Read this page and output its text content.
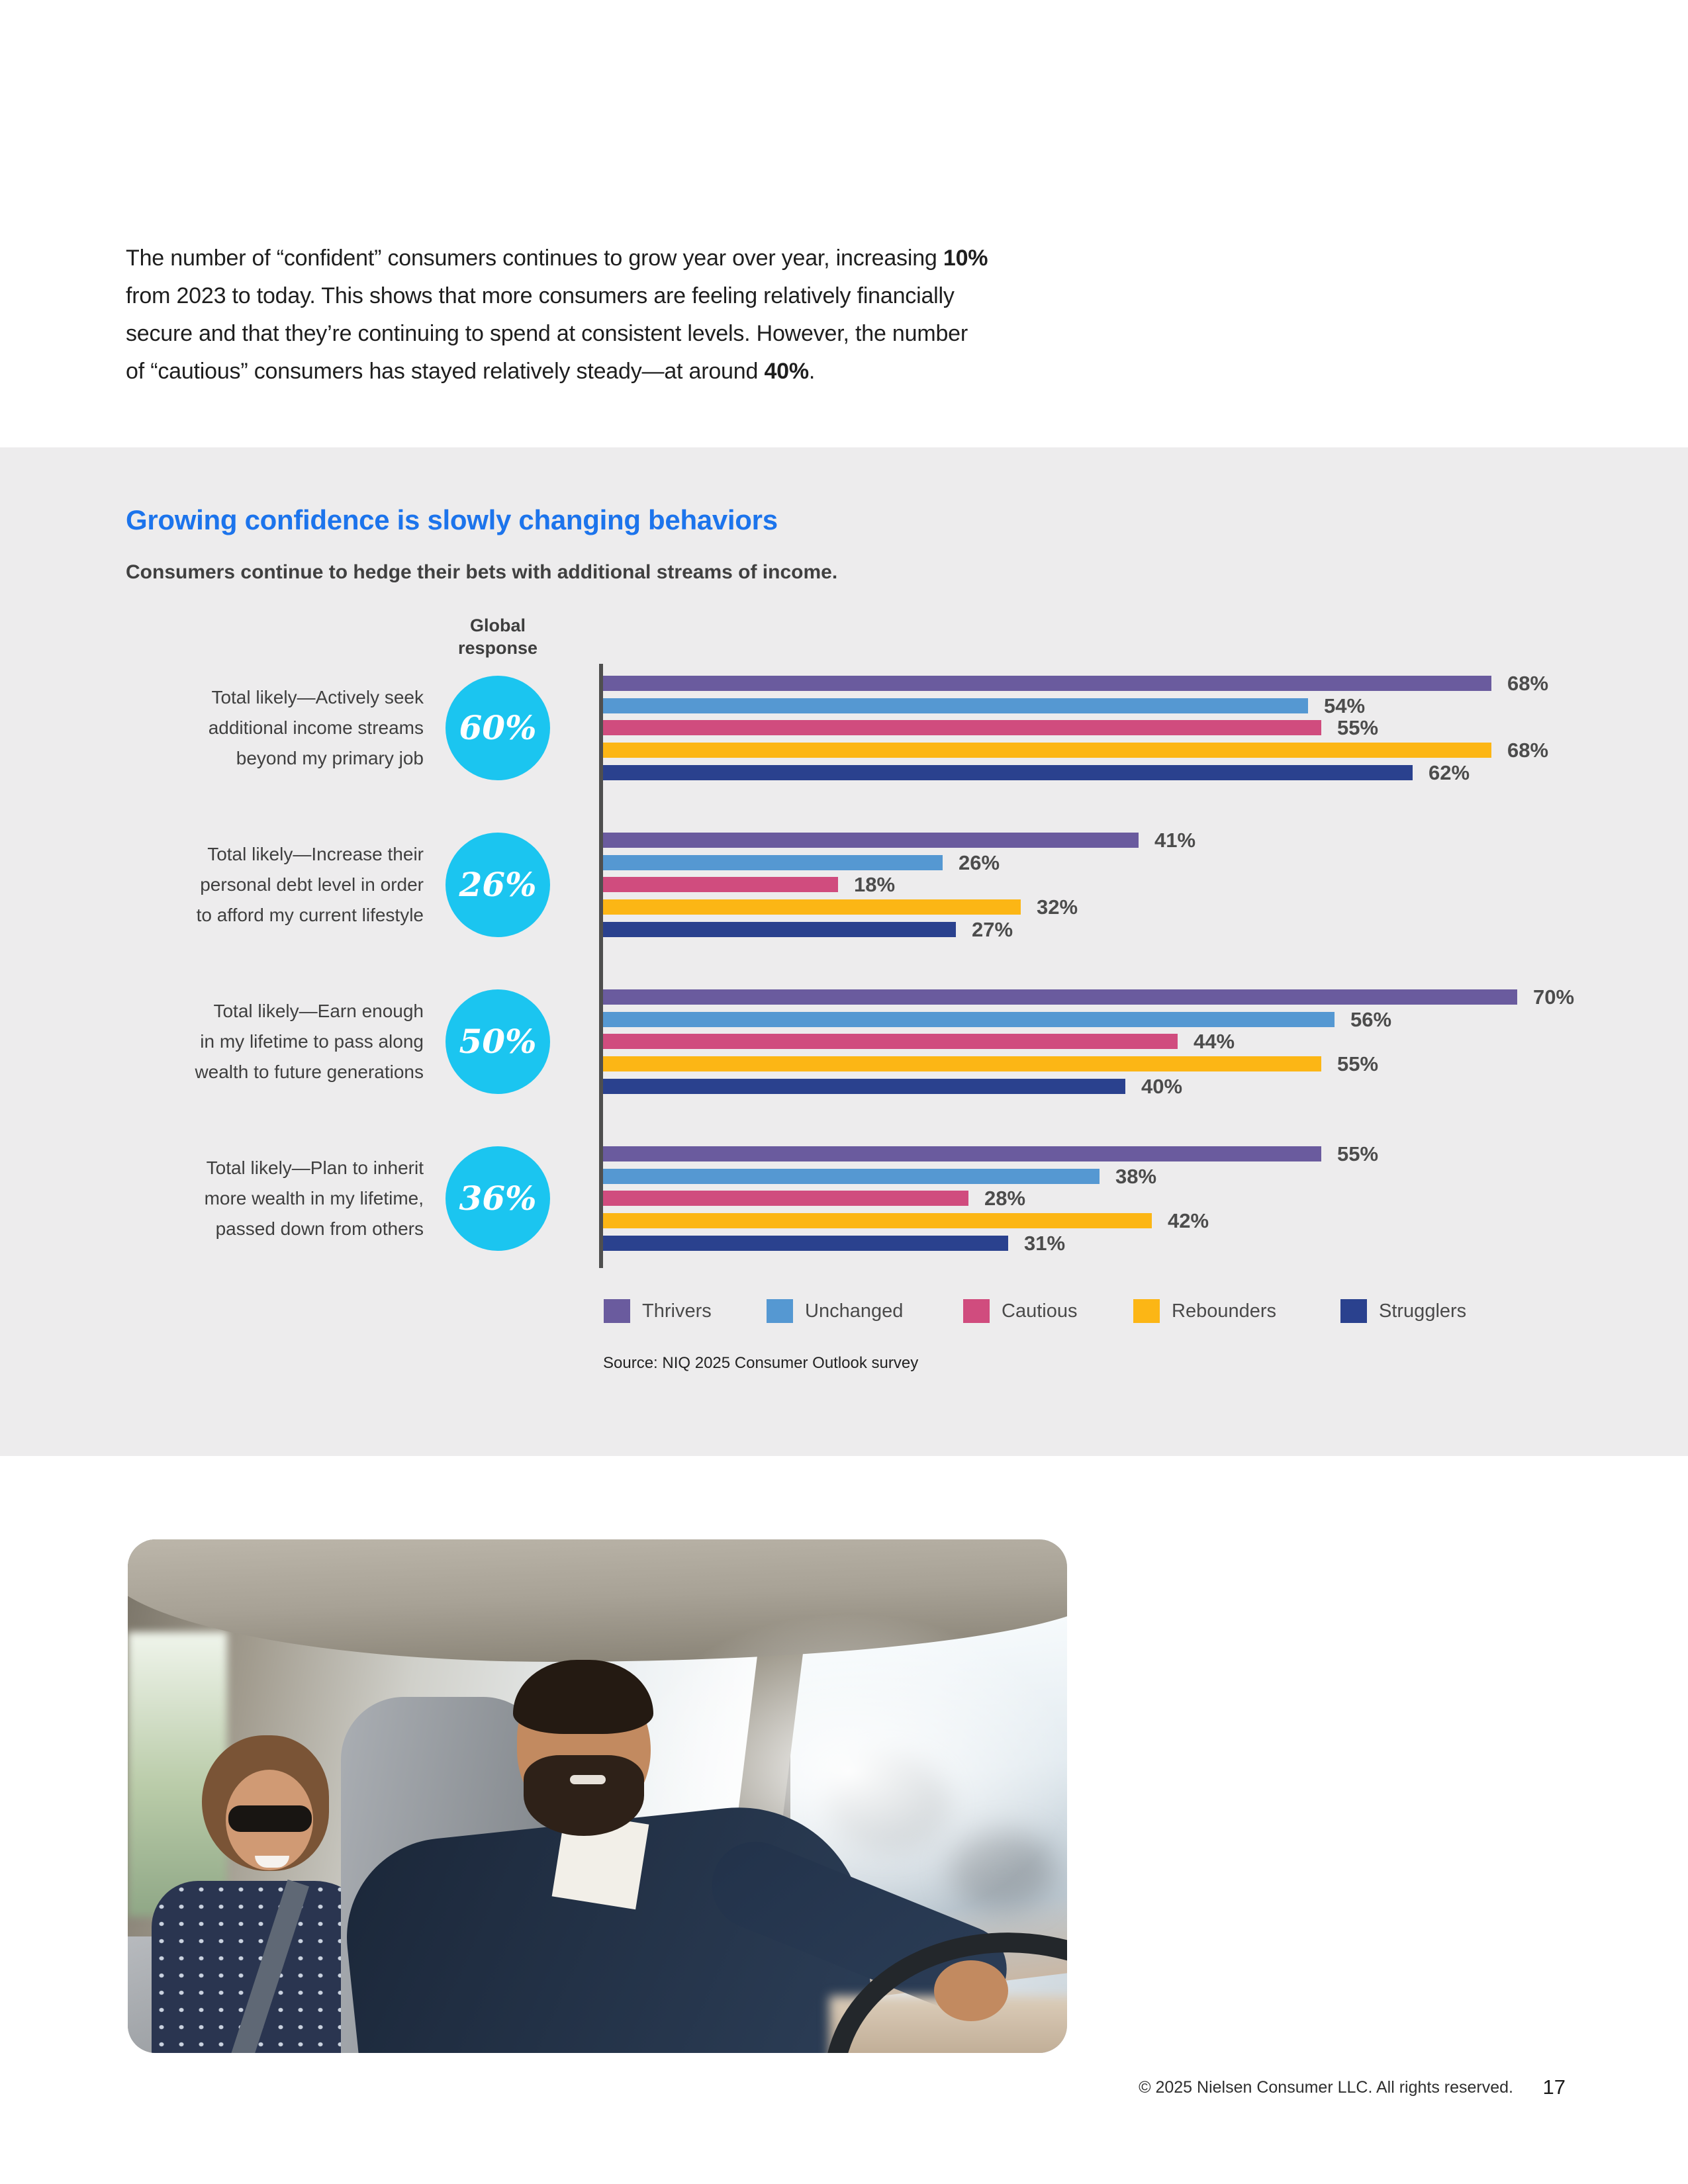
The number of “confident” consumers continues to grow year over year, increasing 10%
from 2023 to today. This shows that more consumers are feeling relatively financially
secure and that they’re continuing to spend at consistent levels. However, the number
of “cautious” consumers has stayed relatively steady—at around 40%.
Growing confidence is slowly changing behaviors
Consumers continue to hedge their bets with additional streams of income.
Global
response
Total likely—Actively seek
additional income streams
beyond my primary job
60%
68%
54%
55%
68%
62%
Total likely—Increase their
personal debt level in order
to afford my current lifestyle
26%
41%
26%
18%
32%
27%
Total likely—Earn enough
in my lifetime to pass along
wealth to future generations
50%
70%
56%
44%
55%
40%
Total likely—Plan to inherit
more wealth in my lifetime,
passed down from others
36%
55%
38%
28%
42%
31%
Thrivers	Unchanged	Cautious	Rebounders	Strugglers
Source: NIQ 2025 Consumer Outlook survey
© 2025 Nielsen Consumer LLC. All rights reserved. 17
